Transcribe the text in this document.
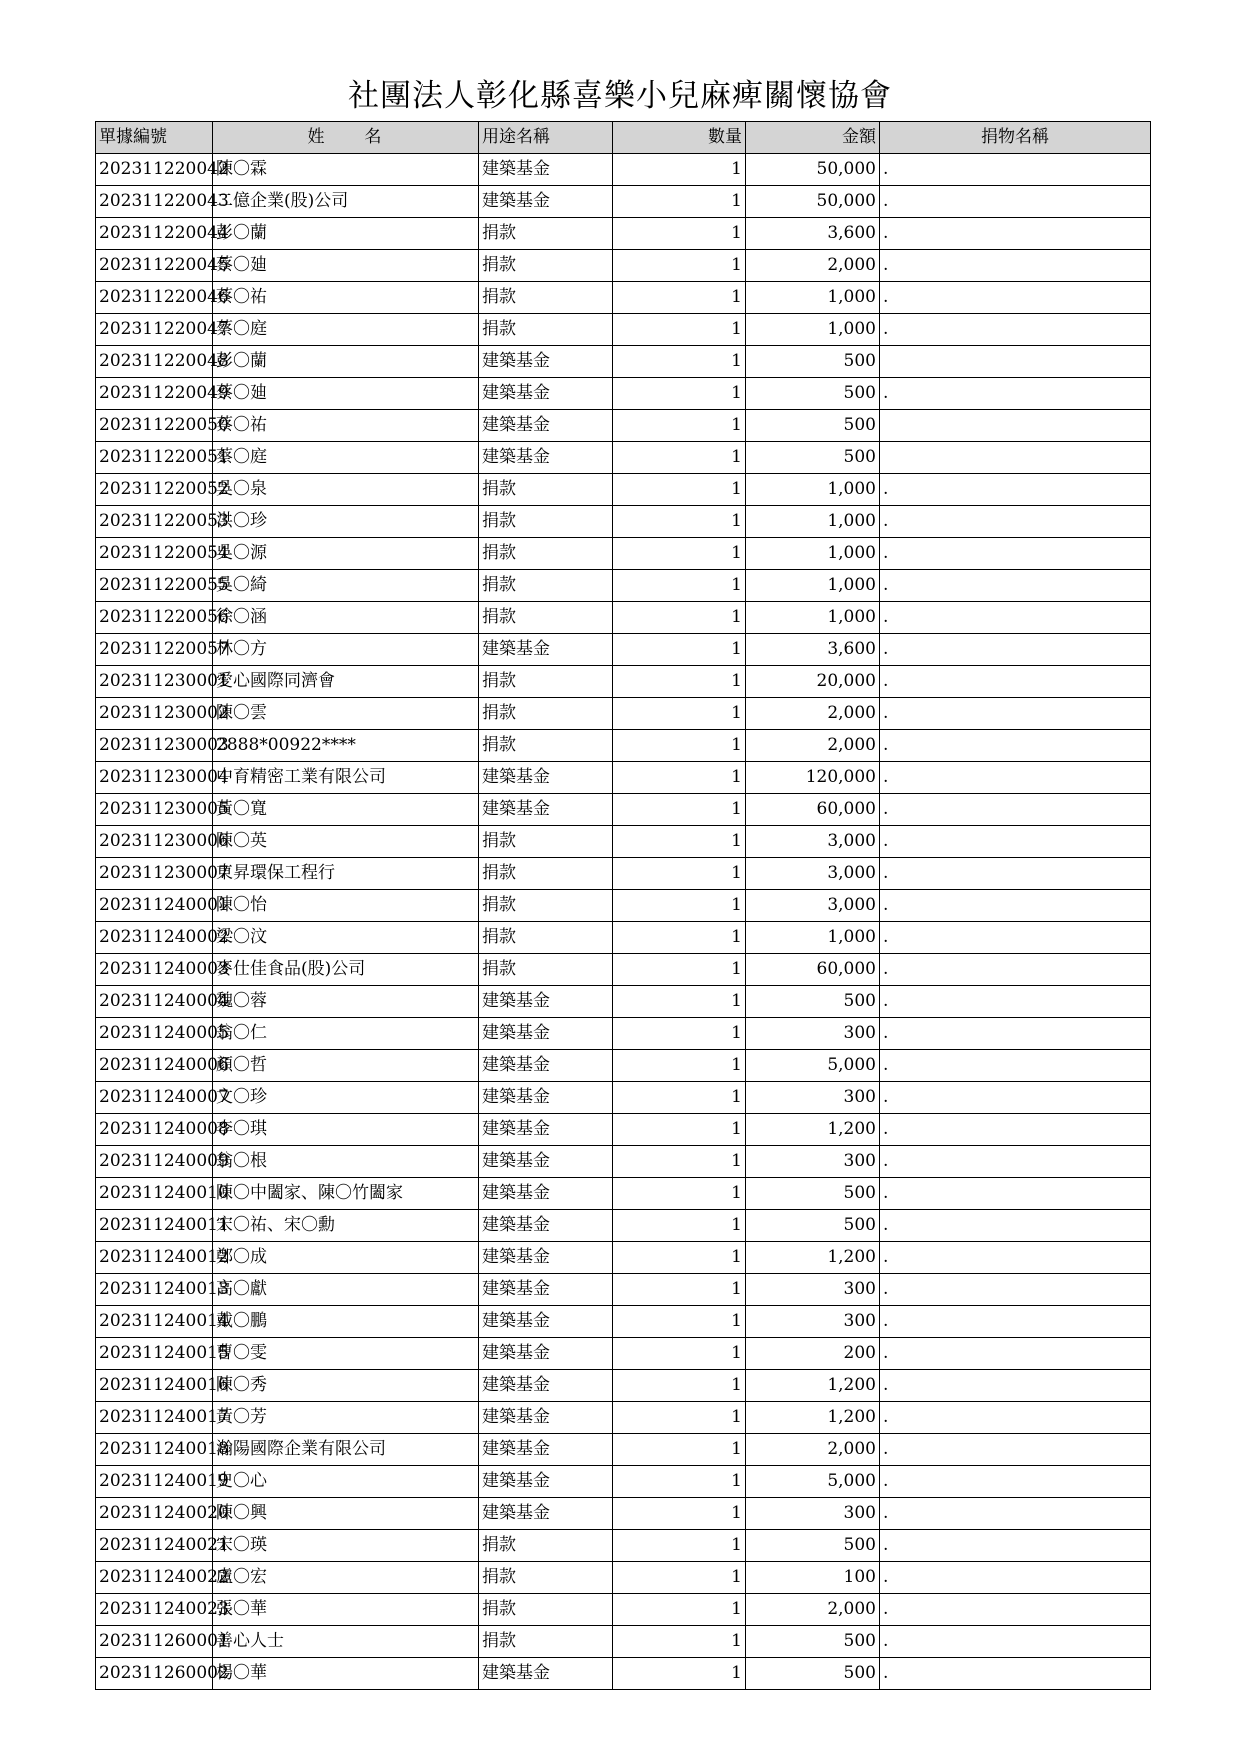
社團法人彰化縣喜樂小兒麻痺關懷協會
單據編號	姓　　名	用途名稱	數量	金額	捐物名稱
202311220042	陳〇霖	建築基金	1	50,000	.
202311220043	二億企業(股)公司	建築基金	1	50,000	.
202311220044	彭〇蘭	捐款	1	3,600	.
202311220045	蔡〇廸	捐款	1	2,000	.
202311220046	蔡〇祐	捐款	1	1,000	.
202311220047	蔡〇庭	捐款	1	1,000	.
202311220048	彭〇蘭	建築基金	1	500	
202311220049	蔡〇廸	建築基金	1	500	.
202311220050	蔡〇祐	建築基金	1	500	
202311220051	蔡〇庭	建築基金	1	500	
202311220052	吳〇泉	捐款	1	1,000	.
202311220053	洪〇珍	捐款	1	1,000	.
202311220054	吳〇源	捐款	1	1,000	.
202311220055	吳〇綺	捐款	1	1,000	.
202311220056	徐〇涵	捐款	1	1,000	.
202311220057	林〇方	建築基金	1	3,600	.
202311230001	愛心國際同濟會	捐款	1	20,000	.
202311230002	陳〇雲	捐款	1	2,000	.
202311230003	2888*00922****	捐款	1	2,000	.
202311230004	中育精密工業有限公司	建築基金	1	120,000	.
202311230005	黃〇寬	建築基金	1	60,000	.
202311230006	陳〇英	捐款	1	3,000	.
202311230007	東昇環保工程行	捐款	1	3,000	.
202311240001	陳〇怡	捐款	1	3,000	.
202311240002	梁〇汶	捐款	1	1,000	.
202311240003	麥仕佳食品(股)公司	捐款	1	60,000	.
202311240004	魏〇蓉	建築基金	1	500	.
202311240005	翁〇仁	建築基金	1	300	.
202311240006	顏〇哲	建築基金	1	5,000	.
202311240007	文〇珍	建築基金	1	300	.
202311240008	李〇琪	建築基金	1	1,200	.
202311240009	翁〇根	建築基金	1	300	.
202311240010	陳〇中闔家、陳〇竹闔家	建築基金	1	500	.
202311240011	宋〇祐、宋〇勳	建築基金	1	500	.
202311240012	鄭〇成	建築基金	1	1,200	.
202311240013	高〇獻	建築基金	1	300	.
202311240014	戴〇鵬	建築基金	1	300	.
202311240015	曹〇雯	建築基金	1	200	.
202311240016	陳〇秀	建築基金	1	1,200	.
202311240017	黃〇芳	建築基金	1	1,200	.
202311240018	瀚陽國際企業有限公司	建築基金	1	2,000	.
202311240019	史〇心	建築基金	1	5,000	.
202311240020	陳〇興	建築基金	1	300	.
202311240021	宋〇瑛	捐款	1	500	.
202311240022	盧〇宏	捐款	1	100	.
202311240023	張〇華	捐款	1	2,000	.
202311260001	善心人士	捐款	1	500	.
202311260002	楊〇華	建築基金	1	500	.
